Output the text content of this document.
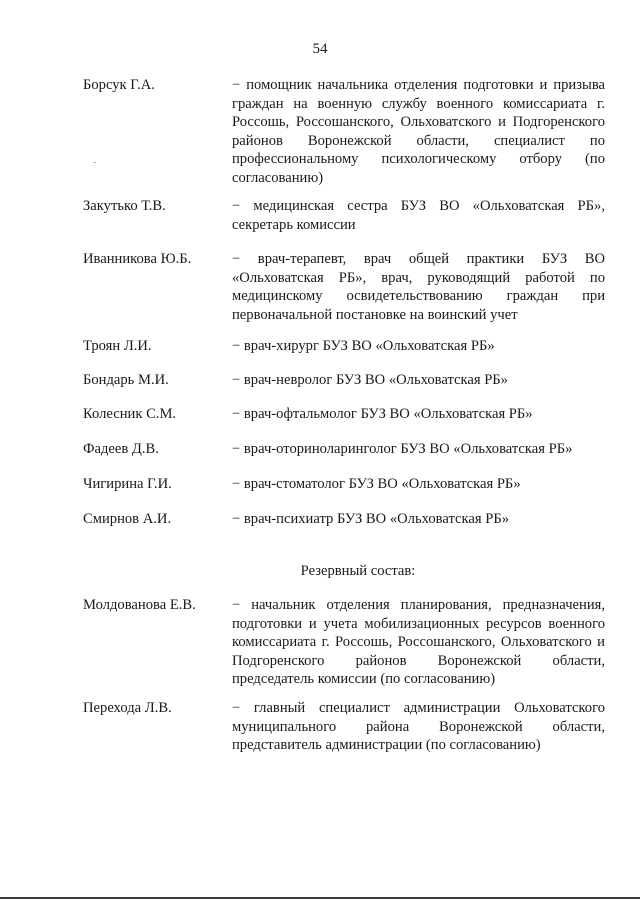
54
Борсук Г.А.	− помощник начальника отделения подготовки и призыва граждан на военную службу военного комиссариата г. Россошь, Россошанского, Ольховатского и Подгоренского районов Воронежской области, специалист по профессиональному психологическому отбору (по согласованию)
Закутько Т.В.	− медицинская сестра БУЗ ВО «Ольховатская РБ», секретарь комиссии
Иванникова Ю.Б.	− врач-терапевт, врач общей практики БУЗ ВО «Ольховатская РБ», врач, руководящий работой по медицинскому освидетельствованию граждан при первоначальной постановке на воинский учет
Троян Л.И.	− врач-хирург БУЗ ВО «Ольховатская РБ»
Бондарь М.И.	− врач-невролог БУЗ ВО «Ольховатская РБ»
Колесник С.М.	− врач-офтальмолог БУЗ ВО «Ольховатская РБ»
Фадеев Д.В.	− врач-оториноларинголог БУЗ ВО «Ольховатская РБ»
Чигирина Г.И.	− врач-стоматолог БУЗ ВО «Ольховатская РБ»
Смирнов А.И.	− врач-психиатр БУЗ ВО «Ольховатская РБ»
Резервный состав:
Молдованова Е.В.	− начальник отделения планирования, предназначения, подготовки и учета мобилизационных ресурсов военного комиссариата г. Россошь, Россошанского, Ольховатского и Подгоренского районов Воронежской области, председатель комиссии (по согласованию)
Перехода Л.В.	− главный специалист администрации Ольховатского муниципального района Воронежской области, представитель администрации (по согласованию)
